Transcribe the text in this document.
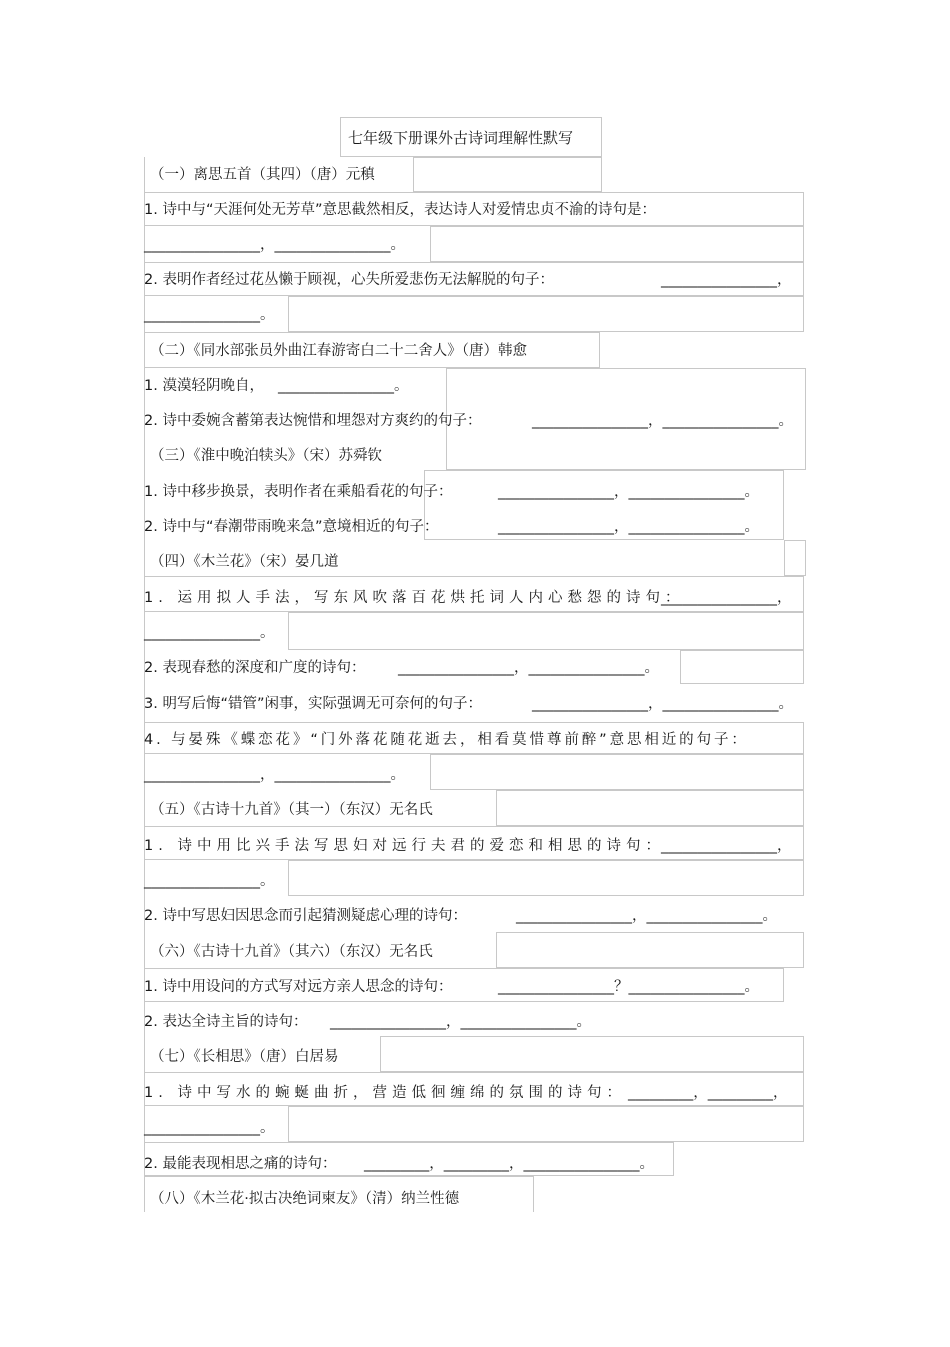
七年级下册课外古诗词理解性默写
（一）离思五首（其四）（唐）元稹
1. 诗中与“天涯何处无芳草”意思截然相反，表达诗人对爱情忠贞不渝的诗句是：
________________，________________。
2. 表明作者经过花丛懒于顾视，心失所爱悲伤无法解脱的句子：	________________，
________________。
（二）《同水部张员外曲江春游寄白二十二舍人》（唐）韩愈
1. 漠漠轻阴晚自， ________________。
2. 诗中委婉含蓄第表达惋惜和埋怨对方爽约的句子：	________________，________________。
（三）《淮中晚泊犊头》（宋）苏舜钦
1. 诗中移步换景，表明作者在乘船看花的句子：	________________，________________。
2. 诗中与“春潮带雨晚来急”意境相近的句子：	________________，________________。
（四）《木兰花》（宋）晏几道
1. 运用拟人手法，写东风吹落百花烘托词人内心愁怨的诗句：
________________，
________________。
2. 表现春愁的深度和广度的诗句： ________________，________________。
3. 明写后悔“错管”闲事，实际强调无可奈何的句子：	________________，________________。
4. 与晏殊《蝶恋花》“门外落花随花逝去，相看莫惜尊前醉”意思相近的句子：
________________，________________。
（五）《古诗十九首》（其一）（东汉）无名氏
1. 诗中用比兴手法写思妇对远行夫君的爱恋和相思的诗句：
________________，
________________。
2. 诗中写思妇因思念而引起猜测疑虑心理的诗句：	________________，________________。
（六）《古诗十九首》（其六）（东汉）无名氏
1. 诗中用设问的方式写对远方亲人思念的诗句：	________________？________________。
2. 表达全诗主旨的诗句： ________________，________________。
（七）《长相思》（唐）白居易
1. 诗中写水的蜿蜒曲折，营造低徊缠绵的氛围的诗句： _________，_________，
________________。
2. 最能表现相思之痛的诗句： _________，_________，________________。
（八）《木兰花·拟古决绝词柬友》（清）纳兰性德
